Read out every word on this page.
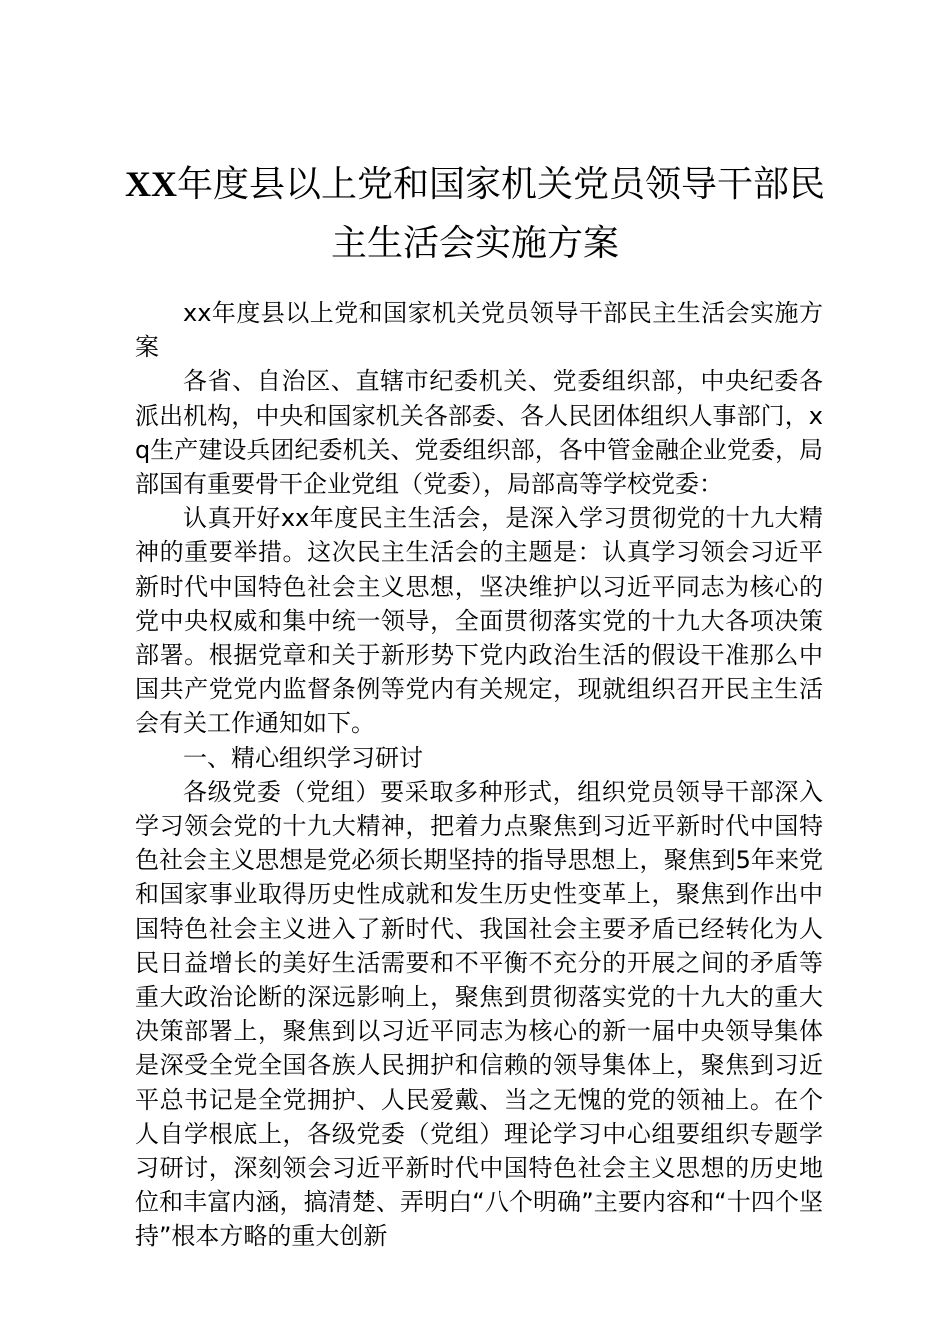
XX年度县以上党和国家机关党员领导干部民
主生活会实施方案

xx年度县以上党和国家机关党员领导干部民主生活会实施方案

各省、自治区、直辖市纪委机关、党委组织部，中央纪委各派出机构，中央和国家机关各部委、各人民团体组织人事部门，xq生产建设兵团纪委机关、党委组织部，各中管金融企业党委，局部国有重要骨干企业党组（党委），局部高等学校党委：

认真开好xx年度民主生活会，是深入学习贯彻党的十九大精神的重要举措。这次民主生活会的主题是：认真学习领会习近平新时代中国特色社会主义思想，坚决维护以习近平同志为核心的党中央权威和集中统一领导，全面贯彻落实党的十九大各项决策部署。根据党章和关于新形势下党内政治生活的假设干准那么中国共产党党内监督条例等党内有关规定，现就组织召开民主生活会有关工作通知如下。

一、精心组织学习研讨

各级党委（党组）要采取多种形式，组织党员领导干部深入学习领会党的十九大精神，把着力点聚焦到习近平新时代中国特色社会主义思想是党必须长期坚持的指导思想上，聚焦到5年来党和国家事业取得历史性成就和发生历史性变革上，聚焦到作出中国特色社会主义进入了新时代、我国社会主要矛盾已经转化为人民日益增长的美好生活需要和不平衡不充分的开展之间的矛盾等重大政治论断的深远影响上，聚焦到贯彻落实党的十九大的重大决策部署上，聚焦到以习近平同志为核心的新一届中央领导集体是深受全党全国各族人民拥护和信赖的领导集体上，聚焦到习近平总书记是全党拥护、人民爱戴、当之无愧的党的领袖上。在个人自学根底上，各级党委（党组）理论学习中心组要组织专题学习研讨，深刻领会习近平新时代中国特色社会主义思想的历史地位和丰富内涵，搞清楚、弄明白“八个明确”主要内容和“十四个坚持”根本方略的重大创新
